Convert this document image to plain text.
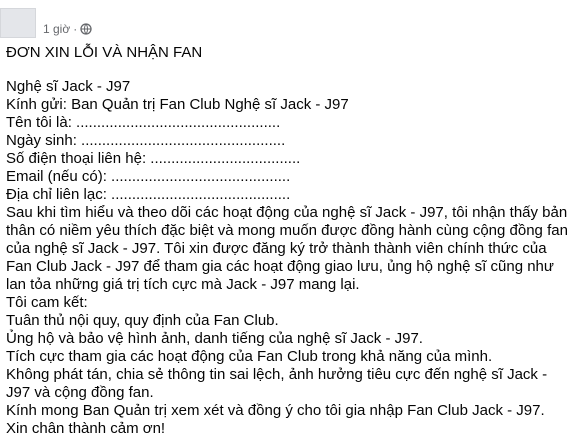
1 giờ ·

ĐƠN XIN LỖI VÀ NHẬN FAN

Nghệ sĩ Jack - J97

Kính gửi: Ban Quản trị Fan Club Nghệ sĩ Jack - J97

Tên tôi là: .................................................

Ngày sinh: .................................................

Số điện thoại liên hệ: ....................................

Email (nếu có): ...........................................

Địa chỉ liên lạc: ...........................................

Sau khi tìm hiểu và theo dõi các hoạt động của nghệ sĩ Jack - J97, tôi nhận thấy bản thân có niềm yêu thích đặc biệt và mong muốn được đồng hành cùng cộng đồng fan của nghệ sĩ Jack - J97. Tôi xin được đăng ký trở thành thành viên chính thức của Fan Club Jack - J97 để tham gia các hoạt động giao lưu, ủng hộ nghệ sĩ cũng như lan tỏa những giá trị tích cực mà Jack - J97 mang lại.

Tôi cam kết:

Tuân thủ nội quy, quy định của Fan Club.

Ủng hộ và bảo vệ hình ảnh, danh tiếng của nghệ sĩ Jack - J97.

Tích cực tham gia các hoạt động của Fan Club trong khả năng của mình.

Không phát tán, chia sẻ thông tin sai lệch, ảnh hưởng tiêu cực đến nghệ sĩ Jack - J97 và cộng đồng fan.

Kính mong Ban Quản trị xem xét và đồng ý cho tôi gia nhập Fan Club Jack - J97.

Xin chân thành cảm ơn!
